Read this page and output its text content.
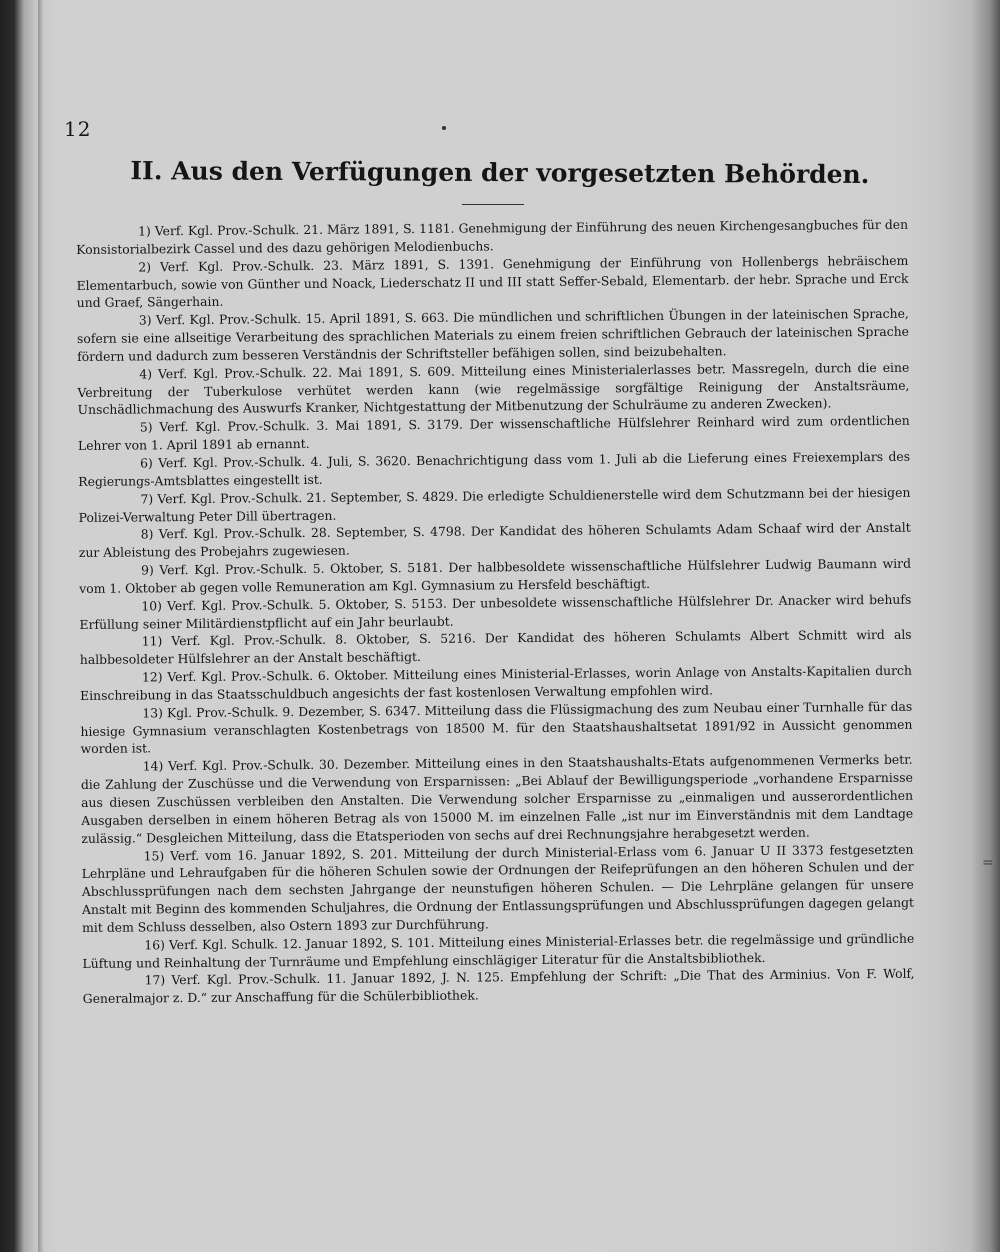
12
II. Aus den Verfügungen der vorgesetzten Behörden.

1) Verf. Kgl. Prov.-Schulk. 21. März 1891, S. 1181. Genehmigung der Einführung des neuen Kirchengesangbuches für den Konsistorialbezirk Cassel und des dazu gehörigen Melodienbuchs.

2) Verf. Kgl. Prov.-Schulk. 23. März 1891, S. 1391. Genehmigung der Einführung von Hollenbergs hebräischem Elementarbuch, sowie von Günther und Noack, Liederschatz II und III statt Seffer-Sebald, Elementarb. der hebr. Sprache und Erck und Graef, Sängerhain.

3) Verf. Kgl. Prov.-Schulk. 15. April 1891, S. 663. Die mündlichen und schriftlichen Übungen in der lateinischen Sprache, sofern sie eine allseitige Verarbeitung des sprachlichen Materials zu einem freien schriftlichen Gebrauch der lateinischen Sprache fördern und dadurch zum besseren Verständnis der Schriftsteller befähigen sollen, sind beizubehalten.

4) Verf. Kgl. Prov.-Schulk. 22. Mai 1891, S. 609. Mitteilung eines Ministerialerlasses betr. Massregeln, durch die eine Verbreitung der Tuberkulose verhütet werden kann (wie regelmässige sorgfältige Reinigung der Anstaltsräume, Unschädlichmachung des Auswurfs Kranker, Nichtgestattung der Mitbenutzung der Schulräume zu anderen Zwecken).

5) Verf. Kgl. Prov.-Schulk. 3. Mai 1891, S. 3179. Der wissenschaftliche Hülfslehrer Reinhard wird zum ordentlichen Lehrer von 1. April 1891 ab ernannt.

6) Verf. Kgl. Prov.-Schulk. 4. Juli, S. 3620. Benachrichtigung dass vom 1. Juli ab die Lieferung eines Freiexemplars des Regierungs-Amtsblattes eingestellt ist.

7) Verf. Kgl. Prov.-Schulk. 21. September, S. 4829. Die erledigte Schuldienerstelle wird dem Schutzmann bei der hiesigen Polizei-Verwaltung Peter Dill übertragen.

8) Verf. Kgl. Prov.-Schulk. 28. September, S. 4798. Der Kandidat des höheren Schulamts Adam Schaaf wird der Anstalt zur Ableistung des Probejahrs zugewiesen.

9) Verf. Kgl. Prov.-Schulk. 5. Oktober, S. 5181. Der halbbesoldete wissenschaftliche Hülfslehrer Ludwig Baumann wird vom 1. Oktober ab gegen volle Remuneration am Kgl. Gymnasium zu Hersfeld beschäftigt.

10) Verf. Kgl. Prov.-Schulk. 5. Oktober, S. 5153. Der unbesoldete wissenschaftliche Hülfslehrer Dr. Anacker wird behufs Erfüllung seiner Militärdienstpflicht auf ein Jahr beurlaubt.

11) Verf. Kgl. Prov.-Schulk. 8. Oktober, S. 5216. Der Kandidat des höheren Schulamts Albert Schmitt wird als halbbesoldeter Hülfslehrer an der Anstalt beschäftigt.

12) Verf. Kgl. Prov.-Schulk. 6. Oktober. Mitteilung eines Ministerial-Erlasses, worin Anlage von Anstalts-Kapitalien durch Einschreibung in das Staatsschuldbuch angesichts der fast kostenlosen Verwaltung empfohlen wird.

13) Kgl. Prov.-Schulk. 9. Dezember, S. 6347. Mitteilung dass die Flüssigmachung des zum Neubau einer Turnhalle für das hiesige Gymnasium veranschlagten Kostenbetrags von 18500 M. für den Staatshaushaltsetat 1891/92 in Aussicht genommen worden ist.

14) Verf. Kgl. Prov.-Schulk. 30. Dezember. Mitteilung eines in den Staatshaushalts-Etats aufgenommenen Vermerks betr. die Zahlung der Zuschüsse und die Verwendung von Ersparnissen: „Bei Ablauf der Bewilligungsperiode „vorhandene Ersparnisse aus diesen Zuschüssen verbleiben den Anstalten. Die Verwendung solcher Ersparnisse zu „einmaligen und ausserordentlichen Ausgaben derselben in einem höheren Betrag als von 15000 M. im einzelnen Falle „ist nur im Einverständnis mit dem Landtage zulässig.“ Desgleichen Mitteilung, dass die Etatsperioden von sechs auf drei Rechnungsjahre herabgesetzt werden.

15) Verf. vom 16. Januar 1892, S. 201. Mitteilung der durch Ministerial-Erlass vom 6. Januar U II 3373 festgesetzten Lehrpläne und Lehraufgaben für die höheren Schulen sowie der Ordnungen der Reifeprüfungen an den höheren Schulen und der Abschlussprüfungen nach dem sechsten Jahrgange der neunstufigen höheren Schulen. — Die Lehrpläne gelangen für unsere Anstalt mit Beginn des kommenden Schuljahres, die Ordnung der Entlassungsprüfungen und Abschlussprüfungen dagegen gelangt mit dem Schluss desselben, also Ostern 1893 zur Durchführung.

16) Verf. Kgl. Schulk. 12. Januar 1892, S. 101. Mitteilung eines Ministerial-Erlasses betr. die regelmässige und gründliche Lüftung und Reinhaltung der Turnräume und Empfehlung einschlägiger Literatur für die Anstaltsbibliothek.

17) Verf. Kgl. Prov.-Schulk. 11. Januar 1892, J. N. 125. Empfehlung der Schrift: „Die That des Arminius. Von F. Wolf, Generalmajor z. D.“ zur Anschaffung für die Schülerbibliothek.

=
